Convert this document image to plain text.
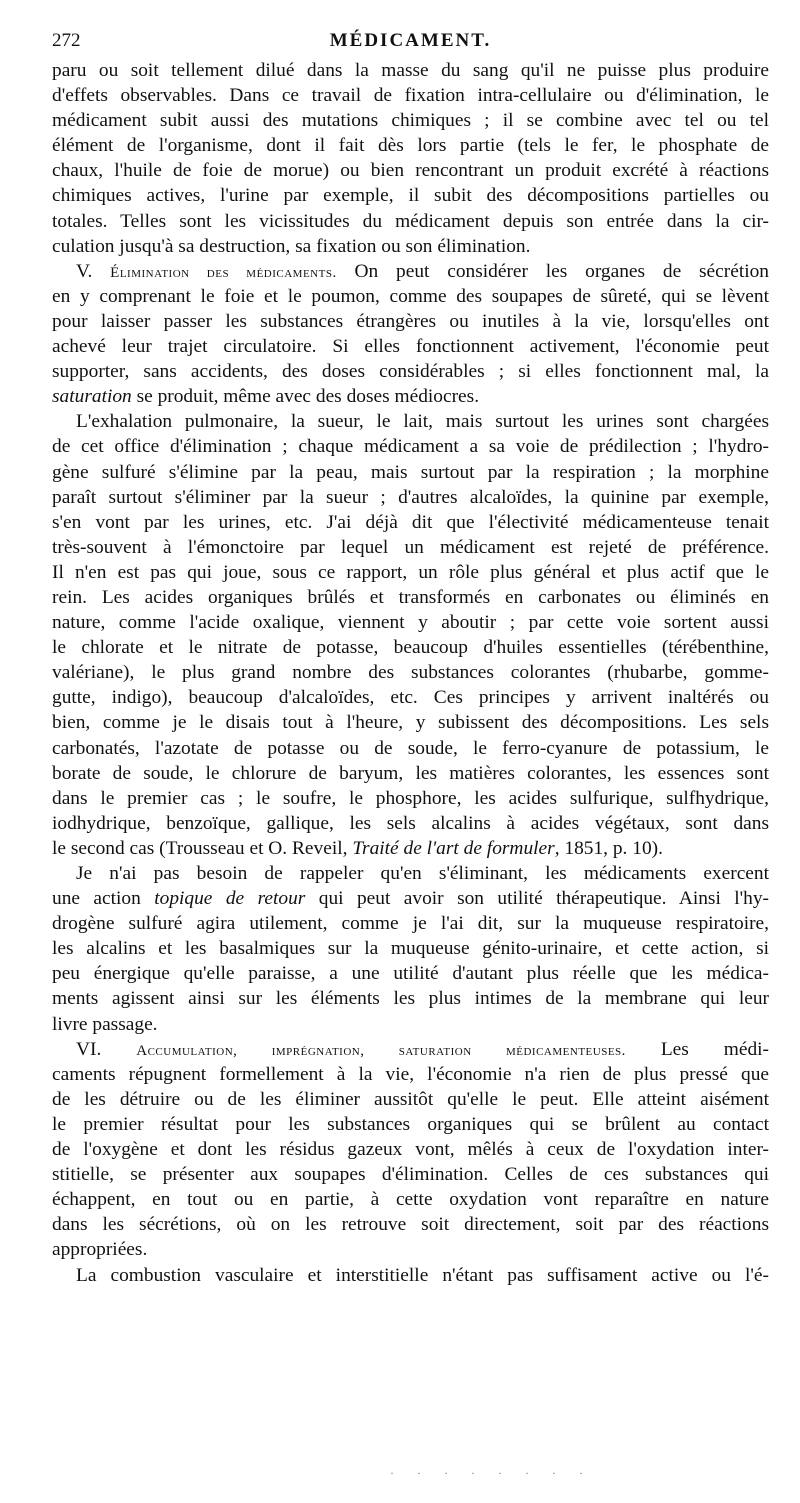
272	MÉDICAMENT.
paru ou soit tellement dilué dans la masse du sang qu'il ne puisse plus produire
d'effets observables. Dans ce travail de fixation intra-cellulaire ou d'élimination, le
médicament subit aussi des mutations chimiques ; il se combine avec tel ou tel
élément de l'organisme, dont il fait dès lors partie (tels le fer, le phosphate de
chaux, l'huile de foie de morue) ou bien rencontrant un produit excrété à réactions
chimiques actives, l'urine par exemple, il subit des décompositions partielles ou
totales. Telles sont les vicissitudes du médicament depuis son entrée dans la cir-
culation jusqu'à sa destruction, sa fixation ou son élimination.
V. Élimination des médicaments. On peut considérer les organes de sécrétion
en y comprenant le foie et le poumon, comme des soupapes de sûreté, qui se lèvent
pour laisser passer les substances étrangères ou inutiles à la vie, lorsqu'elles ont
achevé leur trajet circulatoire. Si elles fonctionnent activement, l'économie peut
supporter, sans accidents, des doses considérables ; si elles fonctionnent mal, la
saturation se produit, même avec des doses médiocres.
L'exhalation pulmonaire, la sueur, le lait, mais surtout les urines sont chargées
de cet office d'élimination ; chaque médicament a sa voie de prédilection ; l'hydro-
gène sulfuré s'élimine par la peau, mais surtout par la respiration ; la morphine
paraît surtout s'éliminer par la sueur ; d'autres alcaloïdes, la quinine par exemple,
s'en vont par les urines, etc. J'ai déjà dit que l'électivité médicamenteuse tenait
très-souvent à l'émonctoire par lequel un médicament est rejeté de préférence.
Il n'en est pas qui joue, sous ce rapport, un rôle plus général et plus actif que le
rein. Les acides organiques brûlés et transformés en carbonates ou éliminés en
nature, comme l'acide oxalique, viennent y aboutir ; par cette voie sortent aussi
le chlorate et le nitrate de potasse, beaucoup d'huiles essentielles (térébenthine,
valériane), le plus grand nombre des substances colorantes (rhubarbe, gomme-
gutte, indigo), beaucoup d'alcaloïdes, etc. Ces principes y arrivent inaltérés ou
bien, comme je le disais tout à l'heure, y subissent des décompositions. Les sels
carbonatés, l'azotate de potasse ou de soude, le ferro-cyanure de potassium, le
borate de soude, le chlorure de baryum, les matières colorantes, les essences sont
dans le premier cas ; le soufre, le phosphore, les acides sulfurique, sulfhydrique,
iodhydrique, benzoïque, gallique, les sels alcalins à acides végétaux, sont dans
le second cas (Trousseau et O. Reveil, Traité de l'art de formuler, 1851, p. 10).
Je n'ai pas besoin de rappeler qu'en s'éliminant, les médicaments exercent
une action topique de retour qui peut avoir son utilité thérapeutique. Ainsi l'hy-
drogène sulfuré agira utilement, comme je l'ai dit, sur la muqueuse respiratoire,
les alcalins et les basalmiques sur la muqueuse génito-urinaire, et cette action, si
peu énergique qu'elle paraisse, a une utilité d'autant plus réelle que les médica-
ments agissent ainsi sur les éléments les plus intimes de la membrane qui leur
livre passage.
VI. Accumulation, imprégnation, saturation médicamenteuses. Les médi-
caments répugnent formellement à la vie, l'économie n'a rien de plus pressé que
de les détruire ou de les éliminer aussitôt qu'elle le peut. Elle atteint aisément
le premier résultat pour les substances organiques qui se brûlent au contact
de l'oxygène et dont les résidus gazeux vont, mêlés à ceux de l'oxydation inter-
stitielle, se présenter aux soupapes d'élimination. Celles de ces substances qui
échappent, en tout ou en partie, à cette oxydation vont reparaître en nature
dans les sécrétions, où on les retrouve soit directement, soit par des réactions
appropriées.
La combustion vasculaire et interstitielle n'étant pas suffisament active ou l'é-
· · · · · · · ·
